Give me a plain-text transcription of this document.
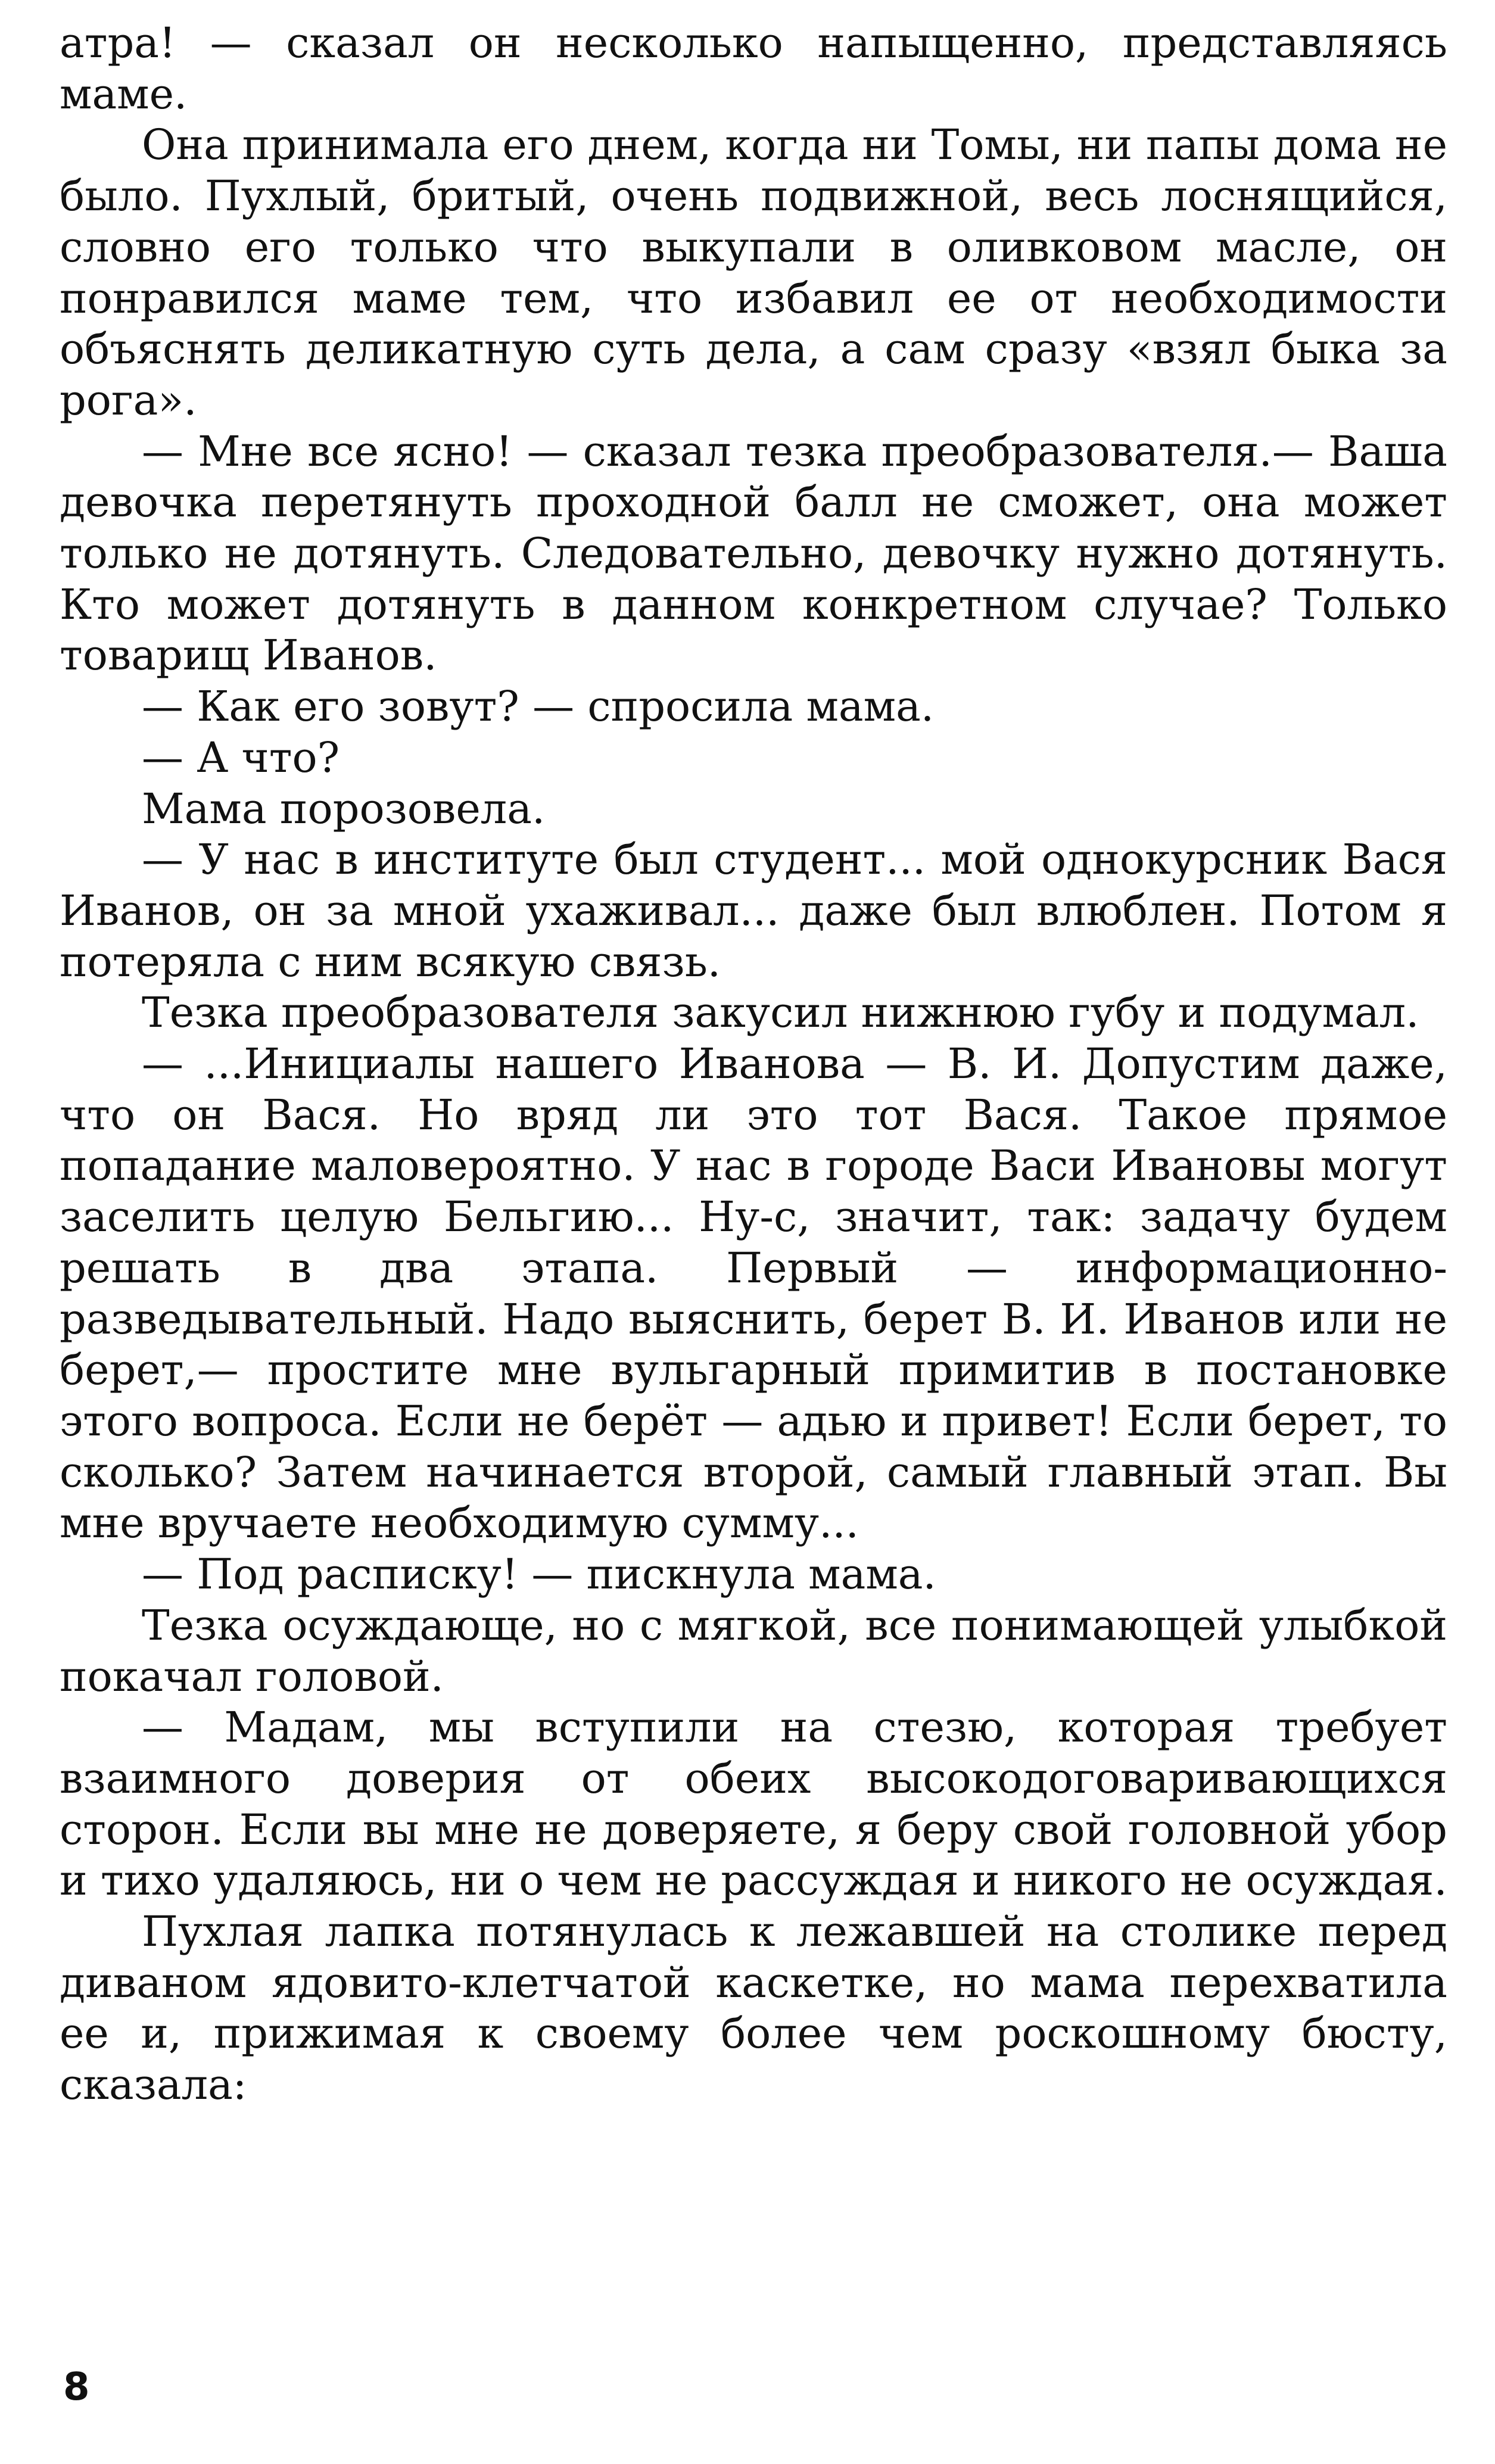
атра! — сказал он несколько напыщенно, представляясь маме.

Она принимала его днем, когда ни Томы, ни папы дома не было. Пухлый, бритый, очень подвижной, весь лоснящийся, словно его только что выкупали в оливковом масле, он понравился маме тем, что избавил ее от необходимости объяснять деликатную суть дела, а сам сразу «взял быка за рога».

— Мне все ясно! — сказал тезка преобразователя.— Ваша девочка перетянуть проходной балл не сможет, она может только не дотянуть. Следовательно, девочку нужно дотянуть. Кто может дотянуть в данном конкретном случае? Только товарищ Иванов.

— Как его зовут? — спросила мама.

— А что?

Мама порозовела.

— У нас в институте был студент... мой однокурсник Вася Иванов, он за мной ухаживал... даже был влюблен. Потом я потеряла с ним всякую связь.

Тезка преобразователя закусил нижнюю губу и подумал.

— ...Инициалы нашего Иванова — В. И. Допустим даже, что он Вася. Но вряд ли это тот Вася. Такое прямое попадание маловероятно. У нас в городе Васи Ивановы могут заселить целую Бельгию... Ну-с, значит, так: задачу будем решать в два этапа. Первый — информационно-разведывательный. Надо выяснить, берет В. И. Иванов или не берет,— простите мне вульгарный примитив в постановке этого вопроса. Если не берёт — адью и привет! Если берет, то сколько? Затем начинается второй, самый главный этап. Вы мне вручаете необходимую сумму...

— Под расписку! — пискнула мама.

Тезка осуждающе, но с мягкой, все понимающей улыбкой покачал головой.

— Мадам, мы вступили на стезю, которая требует взаимного доверия от обеих высокодоговаривающихся сторон. Если вы мне не доверяете, я беру свой головной убор и тихо удаляюсь, ни о чем не рассуждая и никого не осуждая.

Пухлая лапка потянулась к лежавшей на столике перед диваном ядовито-клетчатой каскетке, но мама перехватила ее и, прижимая к своему более чем роскошному бюсту, сказала:

8
